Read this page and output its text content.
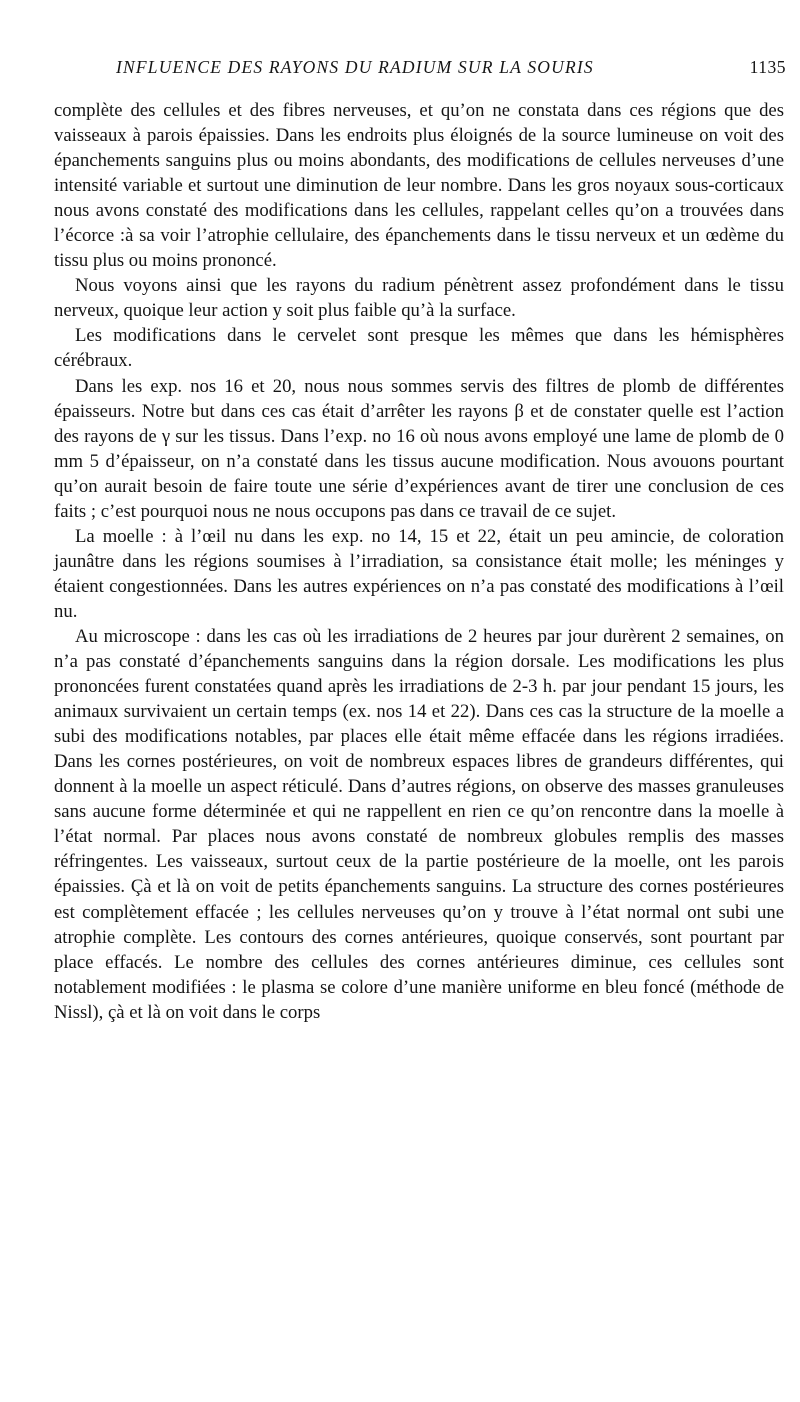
INFLUENCE DES RAYONS DU RADIUM SUR LA SOURIS	1135

complète des cellules et des fibres nerveuses, et qu’on ne constata dans ces régions que des vaisseaux à parois épaissies. Dans les endroits plus éloignés de la source lumineuse on voit des épanchements sanguins plus ou moins abondants, des modifications de cellules nerveuses d’une intensité variable et surtout une diminution de leur nombre. Dans les gros noyaux sous-corticaux nous avons constaté des modifications dans les cellules, rappelant celles qu’on a trouvées dans l’écorce :à sa voir l’atrophie cellulaire, des épanchements dans le tissu nerveux et un œdème du tissu plus ou moins prononcé.

Nous voyons ainsi que les rayons du radium pénètrent assez profondément dans le tissu nerveux, quoique leur action y soit plus faible qu’à la surface.

Les modifications dans le cervelet sont presque les mêmes que dans les hémisphères cérébraux.

Dans les exp. nos 16 et 20, nous nous sommes servis des filtres de plomb de différentes épaisseurs. Notre but dans ces cas était d’arrêter les rayons β et de constater quelle est l’action des rayons de γ sur les tissus. Dans l’exp. no 16 où nous avons employé une lame de plomb de 0 mm 5 d’épaisseur, on n’a constaté dans les tissus aucune modification. Nous avouons pourtant qu’on aurait besoin de faire toute une série d’expériences avant de tirer une conclusion de ces faits ; c’est pourquoi nous ne nous occupons pas dans ce travail de ce sujet.

La moelle : à l’œil nu dans les exp. no 14, 15 et 22, était un peu amincie, de coloration jaunâtre dans les régions soumises à l’irradiation, sa consistance était molle; les méninges y étaient congestionnées. Dans les autres expériences on n’a pas constaté des modifications à l’œil nu.

Au microscope : dans les cas où les irradiations de 2 heures par jour durèrent 2 semaines, on n’a pas constaté d’épanchements sanguins dans la région dorsale. Les modifications les plus prononcées furent constatées quand après les irradiations de 2-3 h. par jour pendant 15 jours, les animaux survivaient un certain temps (ex. nos 14 et 22). Dans ces cas la structure de la moelle a subi des modifications notables, par places elle était même effacée dans les régions irradiées. Dans les cornes postérieures, on voit de nombreux espaces libres de grandeurs différentes, qui donnent à la moelle un aspect réticulé. Dans d’autres régions, on observe des masses granuleuses sans aucune forme déterminée et qui ne rappellent en rien ce qu’on rencontre dans la moelle à l’état normal. Par places nous avons constaté de nombreux globules remplis des masses réfringentes. Les vaisseaux, surtout ceux de la partie postérieure de la moelle, ont les parois épaissies. Çà et là on voit de petits épanchements sanguins. La structure des cornes postérieures est complètement effacée ; les cellules nerveuses qu’on y trouve à l’état normal ont subi une atrophie complète. Les contours des cornes antérieures, quoique conservés, sont pourtant par place effacés. Le nombre des cellules des cornes antérieures diminue, ces cellules sont notablement modifiées : le plasma se colore d’une manière uniforme en bleu foncé (méthode de Nissl), çà et là on voit dans le corps
